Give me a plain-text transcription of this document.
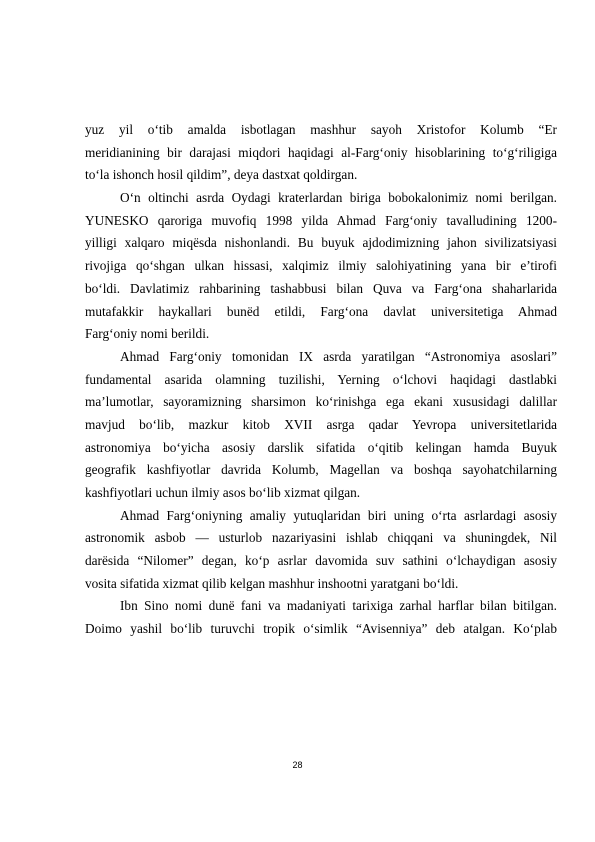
yuz yil o‘tib amalda isbotlagan mashhur sayoh Xristofor Kolumb “Er
meridianining bir darajasi miqdori haqidagi al-Farg‘oniy hisoblarining to‘g‘riligiga
to‘la ishonch hosil qildim”, deya dastxat qoldirgan.
O‘n oltinchi asrda Oydagi kraterlardan biriga bobokalonimiz nomi berilgan.
YUNESKO qaroriga muvofiq 1998 yilda Ahmad Farg‘oniy tavalludining 1200-
yilligi xalqaro miqёsda nishonlandi. Bu buyuk ajdodimizning jahon sivilizatsiyasi
rivojiga qo‘shgan ulkan hissasi, xalqimiz ilmiy salohiyatining yana bir e’tirofi
bo‘ldi. Davlatimiz rahbarining tashabbusi bilan Quva va Farg‘ona shaharlarida
mutafakkir haykallari bunёd etildi, Farg‘ona davlat universitetiga Ahmad
Farg‘oniy nomi berildi.
Ahmad Farg‘oniy tomonidan IX asrda yaratilgan “Astronomiya asoslari”
fundamental asarida olamning tuzilishi, Yerning o‘lchovi haqidagi dastlabki
ma’lumotlar, sayoramizning sharsimon ko‘rinishga ega ekani xususidagi dalillar
mavjud bo‘lib, mazkur kitob XVII asrga qadar Yevropa universitetlarida
astronomiya bo‘yicha asosiy darslik sifatida o‘qitib kelingan hamda Buyuk
geografik kashfiyotlar davrida Kolumb, Magellan va boshqa sayohatchilarning
kashfiyotlari uchun ilmiy asos bo‘lib xizmat qilgan.
Ahmad Farg‘oniyning amaliy yutuqlaridan biri uning o‘rta asrlardagi asosiy
astronomik asbob — usturlob nazariyasini ishlab chiqqani va shuningdek, Nil
darёsida “Nilomer” degan, ko‘p asrlar davomida suv sathini o‘lchaydigan asosiy
vosita sifatida xizmat qilib kelgan mashhur inshootni yaratgani bo‘ldi.
Ibn Sino nomi dunё fani va madaniyati tarixiga zarhal harflar bilan bitilgan.
Doimo yashil bo‘lib turuvchi tropik o‘simlik “Avisenniya” deb atalgan. Ko‘plab
28
